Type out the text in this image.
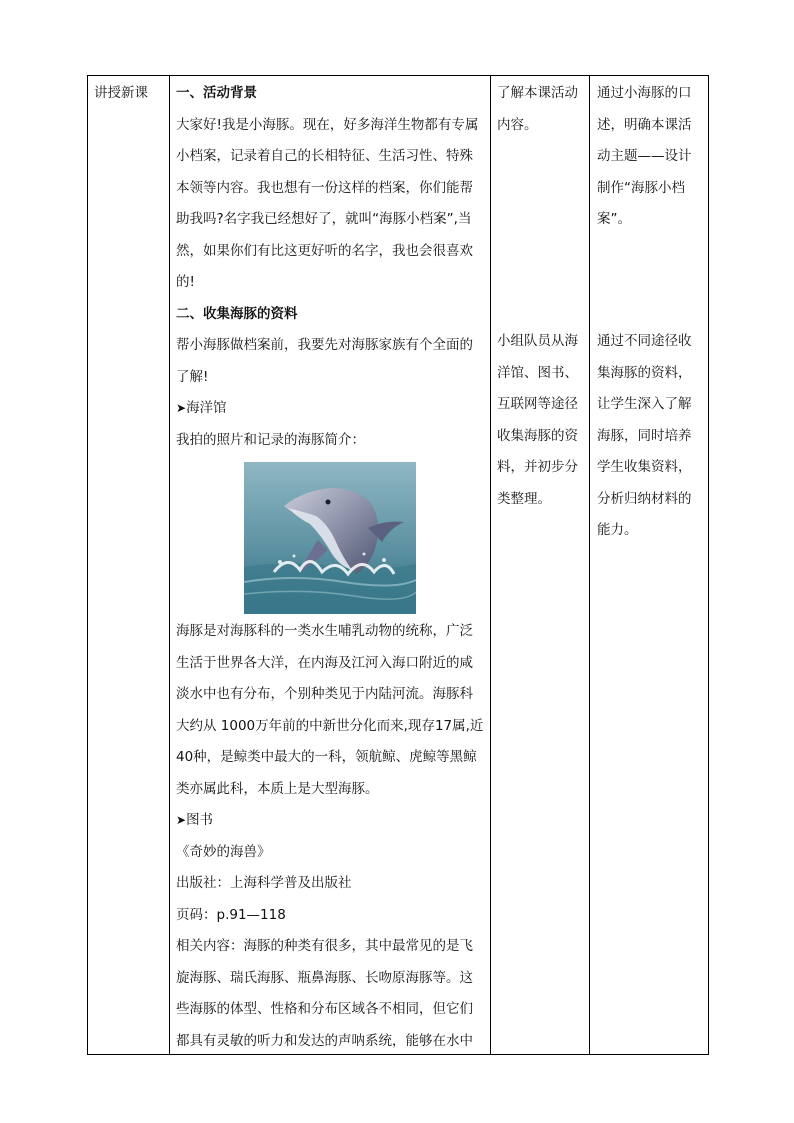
讲授新课	一、活动背景

大家好!我是小海豚。现在，好多海洋生物都有专属小档案，记录着自己的长相特征、生活习性、特殊本领等内容。我也想有一份这样的档案，你们能帮助我吗?名字我已经想好了，就叫“海豚小档案”,当然，如果你们有比这更好听的名字，我也会很喜欢的!

二、收集海豚的资料

帮小海豚做档案前，我要先对海豚家族有个全面的了解!

➤ 海洋馆

我拍的照片和记录的海豚简介：

海豚是对海豚科的一类水生哺乳动物的统称，广泛生活于世界各大洋，在内海及江河入海口附近的咸淡水中也有分布，个别种类见于内陆河流。海豚科大约从 1000万年前的中新世分化而来,现存17属,近 40种，是鲸类中最大的一科，领航鲸、虎鲸等黑鲸类亦属此科，本质上是大型海豚。

➤ 图书

《奇妙的海兽》

出版社：上海科学普及出版社

页码：p.91—118

相关内容：海豚的种类有很多，其中最常见的是飞旋海豚、瑞氏海豚、瓶鼻海豚、长吻原海豚等。这些海豚的体型、性格和分布区域各不相同，但它们都具有灵敏的听力和发达的声呐系统，能够在水中

了解本课活动内容。

小组队员从海洋馆、图书、互联网等途径收集海豚的资料，并初步分类整理。

通过小海豚的口述，明确本课活动主题——设计制作“海豚小档案”。

通过不同途径收集海豚的资料，让学生深入了解海豚，同时培养学生收集资料，分析归纳材料的能力。
